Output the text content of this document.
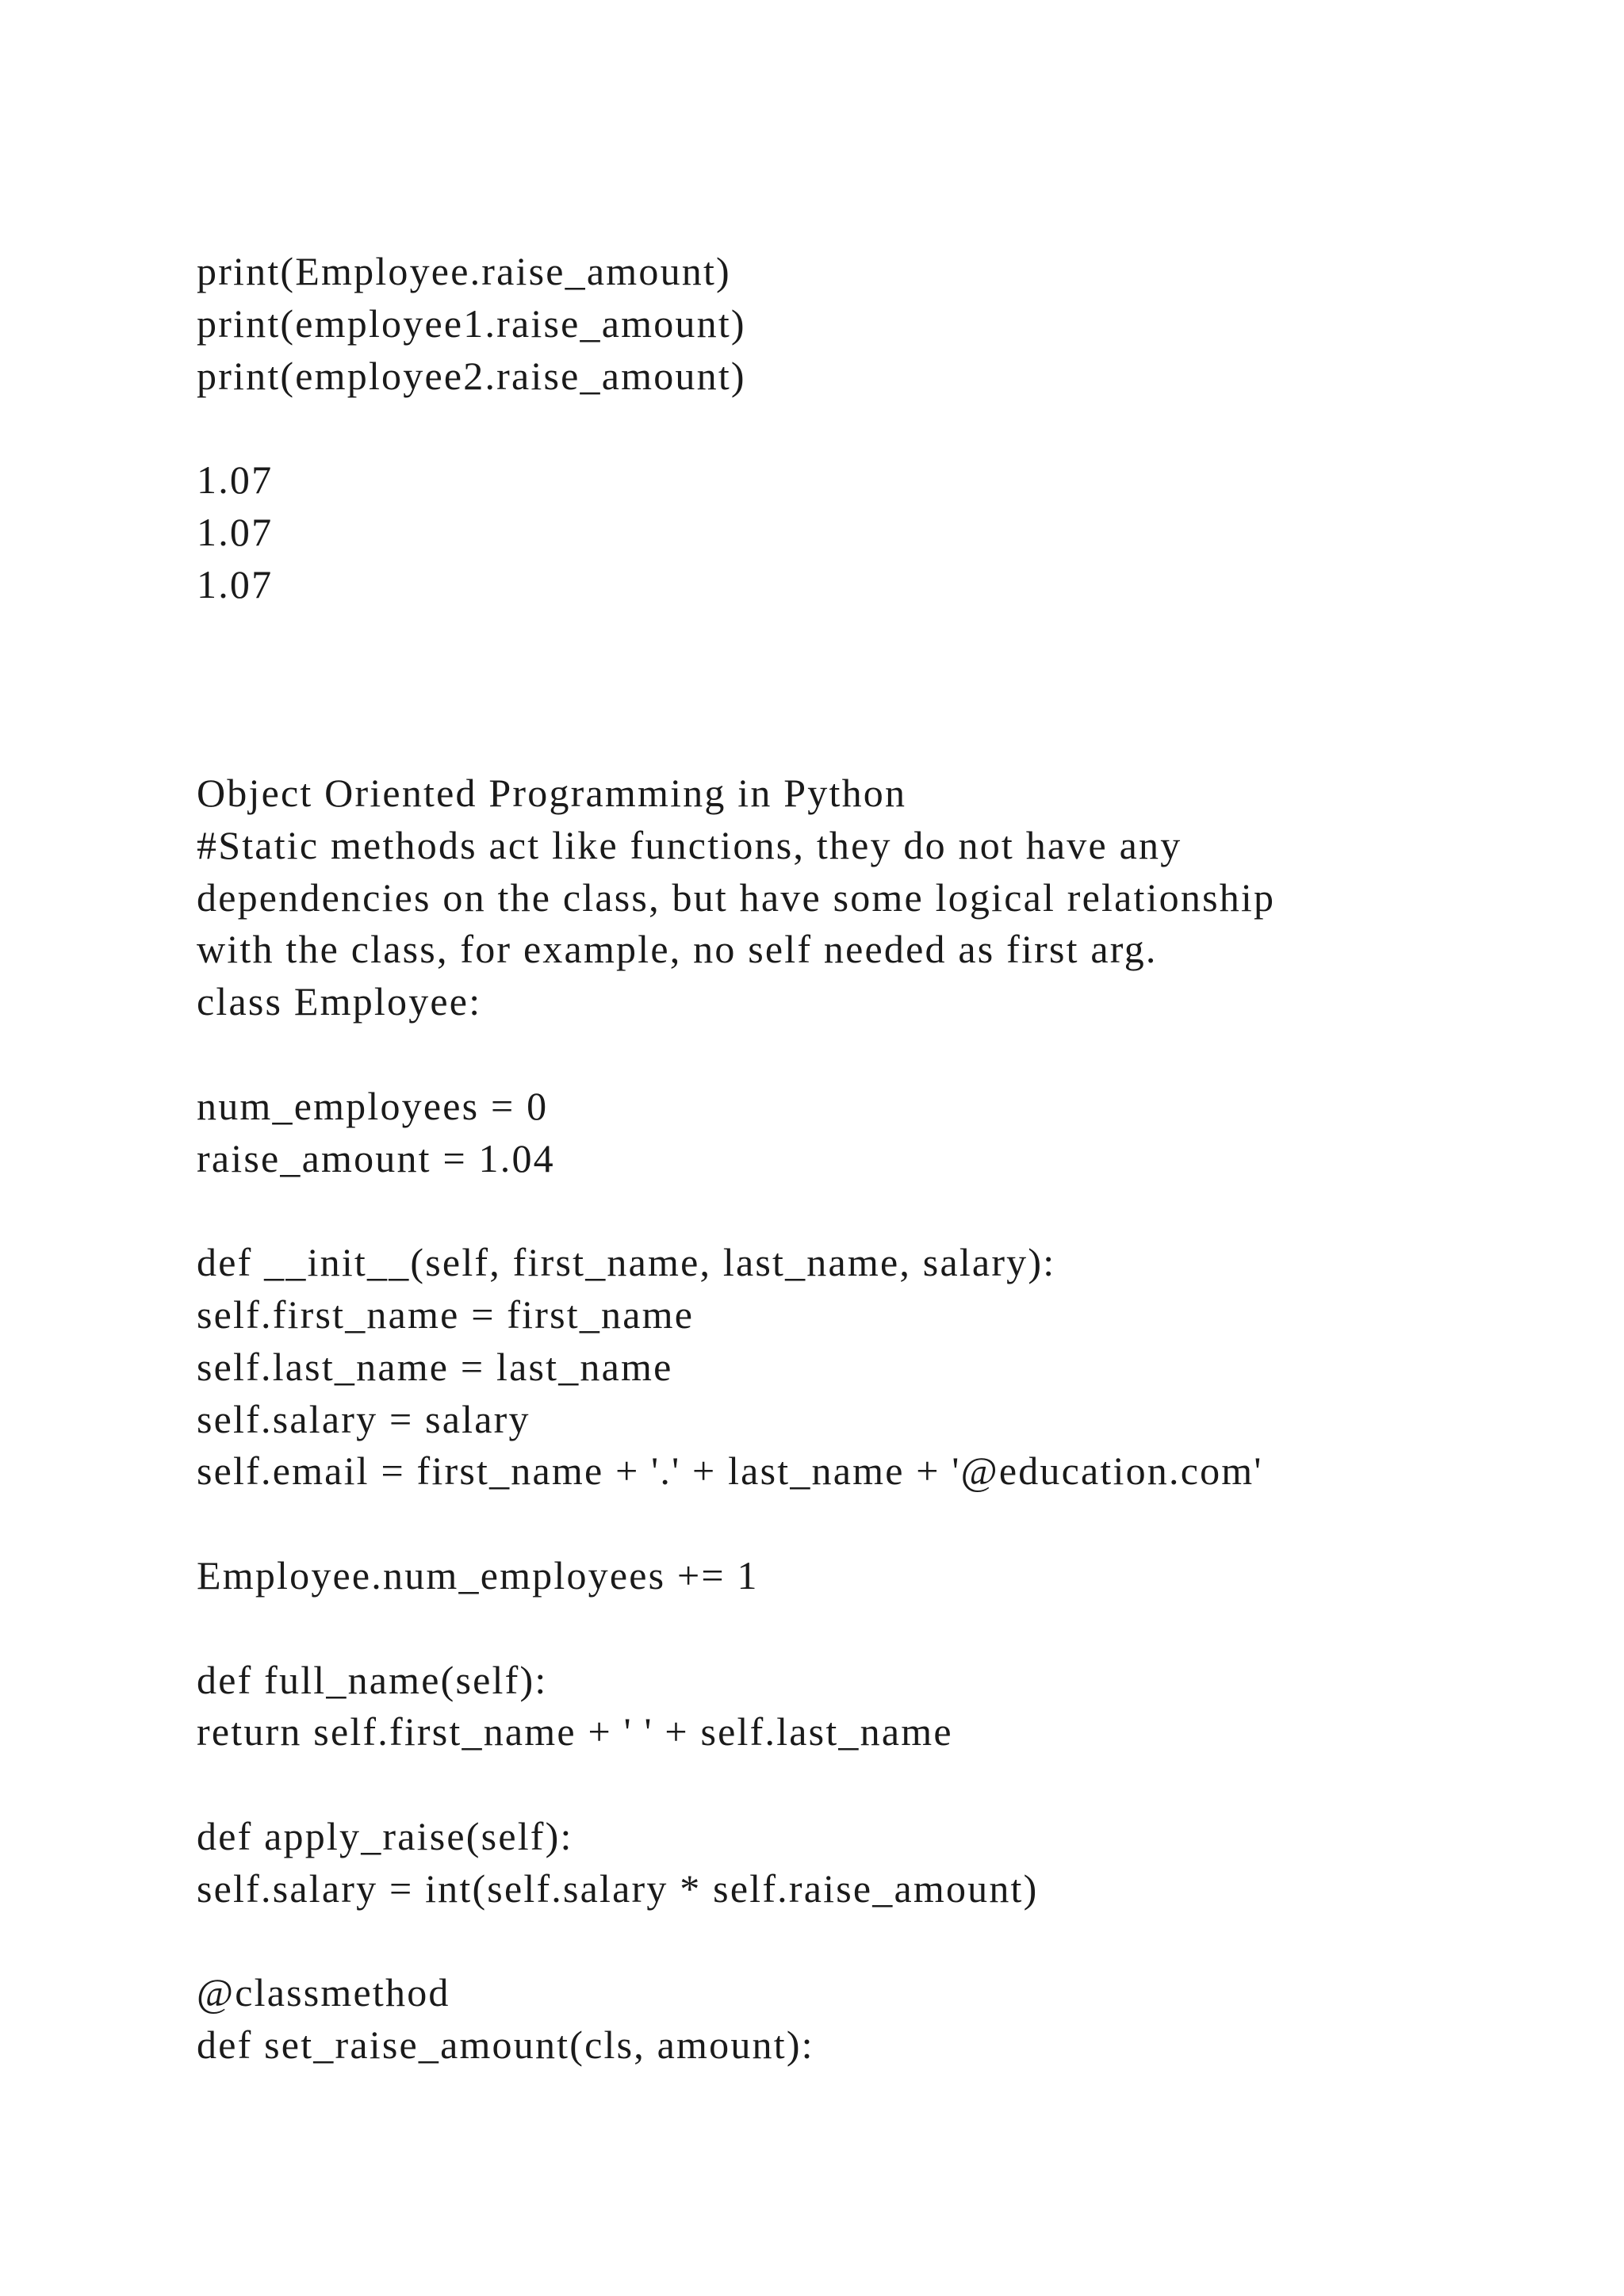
print(Employee.raise_amount)
print(employee1.raise_amount)
print(employee2.raise_amount)
1.07
1.07
1.07
Object Oriented Programming in Python
#Static methods act like functions, they do not have any
dependencies on the class, but have some logical relationship
with the class, for example, no self needed as first arg.
class Employee:
num_employees = 0
raise_amount = 1.04
def __init__(self, first_name, last_name, salary):
self.first_name = first_name
self.last_name = last_name
self.salary = salary
self.email = first_name + '.' + last_name + '@education.com'
Employee.num_employees += 1
def full_name(self):
return self.first_name + ' ' + self.last_name
def apply_raise(self):
self.salary = int(self.salary * self.raise_amount)
@classmethod
def set_raise_amount(cls, amount):
